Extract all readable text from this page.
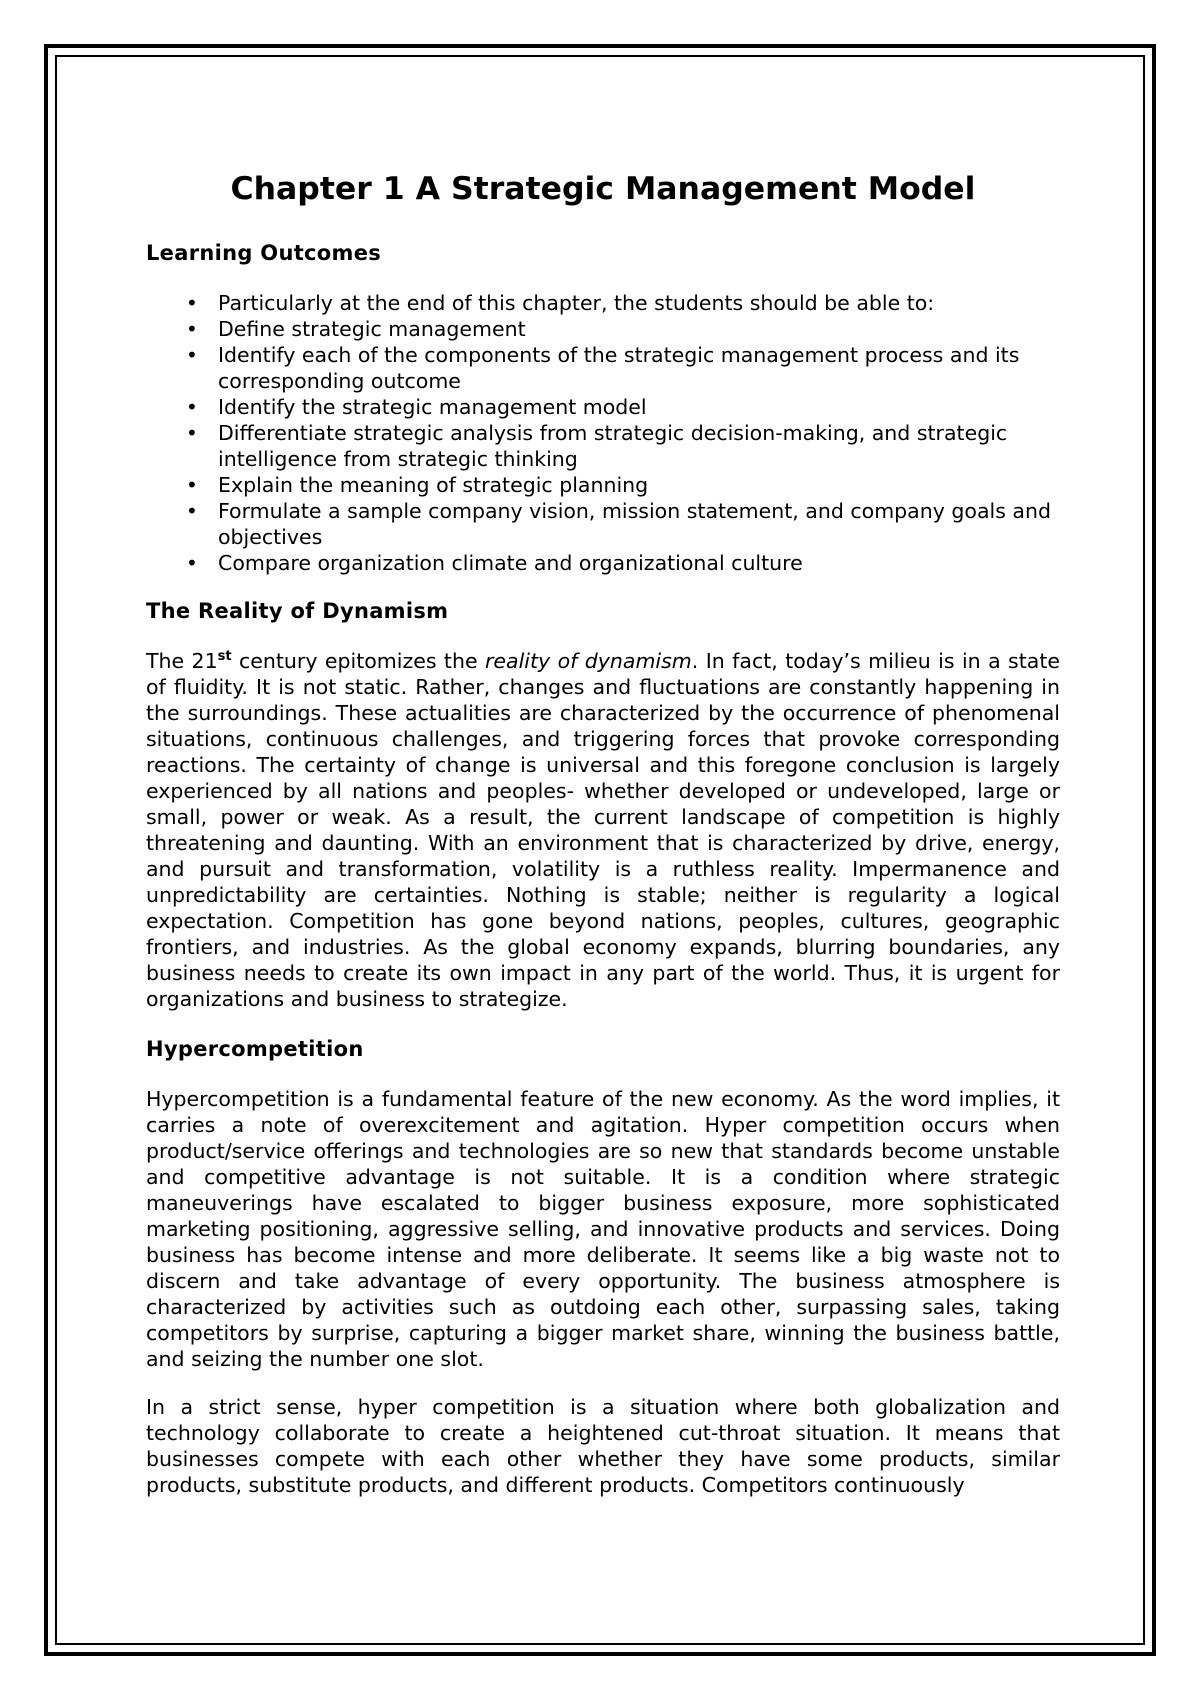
Chapter 1 A Strategic Management Model
Learning Outcomes
• Particularly at the end of this chapter, the students should be able to:
• Define strategic management
• Identify each of the components of the strategic management process and its corresponding outcome
• Identify the strategic management model
• Differentiate strategic analysis from strategic decision-making, and strategic intelligence from strategic thinking
• Explain the meaning of strategic planning
• Formulate a sample company vision, mission statement, and company goals and objectives
• Compare organization climate and organizational culture
The Reality of Dynamism

The 21st century epitomizes the reality of dynamism. In fact, today’s milieu is in a state of fluidity. It is not static. Rather, changes and fluctuations are constantly happening in the surroundings. These actualities are characterized by the occurrence of phenomenal situations, continuous challenges, and triggering forces that provoke corresponding reactions. The certainty of change is universal and this foregone conclusion is largely experienced by all nations and peoples- whether developed or undeveloped, large or small, power or weak. As a result, the current landscape of competition is highly threatening and daunting. With an environment that is characterized by drive, energy, and pursuit and transformation, volatility is a ruthless reality. Impermanence and unpredictability are certainties. Nothing is stable; neither is regularity a logical expectation. Competition has gone beyond nations, peoples, cultures, geographic frontiers, and industries. As the global economy expands, blurring boundaries, any business needs to create its own impact in any part of the world. Thus, it is urgent for organizations and business to strategize.

Hypercompetition

Hypercompetition is a fundamental feature of the new economy. As the word implies, it carries a note of overexcitement and agitation. Hyper competition occurs when product/service offerings and technologies are so new that standards become unstable and competitive advantage is not suitable. It is a condition where strategic maneuverings have escalated to bigger business exposure, more sophisticated marketing positioning, aggressive selling, and innovative products and services. Doing business has become intense and more deliberate. It seems like a big waste not to discern and take advantage of every opportunity. The business atmosphere is characterized by activities such as outdoing each other, surpassing sales, taking competitors by surprise, capturing a bigger market share, winning the business battle, and seizing the number one slot.

In a strict sense, hyper competition is a situation where both globalization and technology collaborate to create a heightened cut-throat situation. It means that businesses compete with each other whether they have some products, similar products, substitute products, and different products. Competitors continuously
